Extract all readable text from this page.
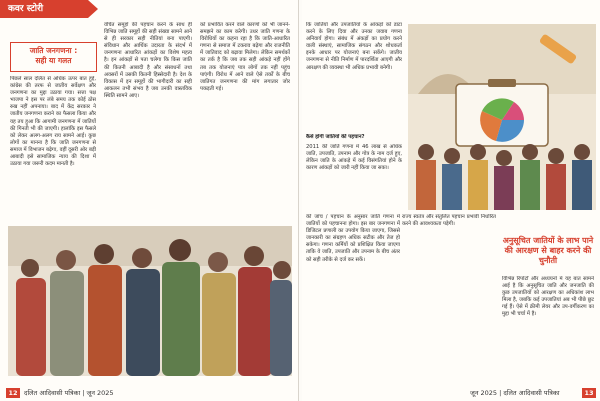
कवर स्टोरी
जाति जनगणना :
सही या गलत
पिछले साल दलित से अधिक ऊपर बात हुई, कांग्रेस की तरफ से जातीय सर्वेक्षण और जनगणना का मुद्दा उठाया गया। सत्ता पक्ष भाजपा ने इस पर लंबे समय तक कोई ठोस रुख नहीं अपनाया। बाद में केंद्र सरकार ने जातीय जनगणना कराने का फैसला किया और यह तय हुआ कि आगामी जनगणना में जातियों की गिनती भी की जाएगी। हालांकि इस फैसले को लेकर अलग-अलग राय सामने आई। कुछ लोगों का मानना है कि जाति जनगणना से समाज में विभाजन बढ़ेगा, वहीं दूसरी ओर बड़ी आबादी इसे सामाजिक न्याय की दिशा में उठाया गया जरूरी कदम मानती है।
वंचित समूहों की पहचान करने के साथ ही विभिन्न जाति समूहों की सही संख्या सामने आने से ही सरकार सही नीतियां बना पाएगी। संविधान और आर्थिक उदारता के संदर्भ में जनगणना आधारित आंकड़ों का विशेष महत्व है। इन आंकड़ों से पता चलेगा कि किस जाति की कितनी आबादी है और संसाधनों तथा अवसरों में उसकी कितनी हिस्सेदारी है। देश के विकास में इन समूहों की भागीदारी का सही आकलन तभी संभव है जब उनकी वास्तविक स्थिति सामने आए।
को प्रभावित करने वाले कारणों को भी जानने-समझने का काम करेगी। उधर जाति गणना के विरोधियों का कहना रहा है कि जाति-आधारित गणना से समाज में टकराव बढ़ेगा और राजनीति में जातिवाद को बढ़ावा मिलेगा। लेकिन समर्थकों का तर्क है कि जब तक सही आंकड़े नहीं होंगे तब तक योजनाएं पात्र लोगों तक नहीं पहुंच पाएंगी। विरोध में आने वाले ऐसे तर्कों के बीच जातिगत जनगणना की मांग लगातार जोर पकड़ती गई।
12 दलित आदिवासी पत्रिका | जून 2025
कि जातियों और उपजातियों के आंकड़ों को डाटा करने के लिए दिया और उनका जवाब गणना अनिवार्य होगा। संबंध में अंकड़ों का प्रयोग करने वाली संस्थाएं, सामाजिक संगठन और शोधकर्ता इनके आधार पर योजनाएं बना सकेंगे। जातीय जनगणना से नीति निर्माण में पारदर्शिता आएगी और आरक्षण की व्यवस्था भी अधिक प्रभावी बनेगी।
कैसे होगी जातियों की पहचान?
2011 की जाति गणना में 46 लाख से अधिक जाति, उपजाति, उपनाम और गोत्र के नाम दर्ज हुए, लेकिन जाति के आंकड़े में कई विसंगतियां होने के कारण आंकड़ों को जारी नहीं किया जा सका।
की जांच / पहचान के अनुसार जाति गणना में जातियों को पहचानना होगा। इस बार जनगणना में डिजिटल प्रणाली का उपयोग किया जाएगा, जिससे जानकारी का संग्रहण अधिक सटीक और तेज हो सकेगा। गणना कर्मियों को प्रशिक्षित किया जाएगा ताकि वे जाति, उपजाति और उपनाम के बीच अंतर को सही तरीके से दर्ज कर सकें।
राज्य स्वतंत्र और संतुलित पहचान प्रभावी निर्धारित करने की आवश्यकता पड़ेगी।
अनुसूचित जातियों के लाभ पाने की आरक्षण से बाहर करने की चुनौती
विभिन्न रिपोर्टों और अध्ययनों में यह बात सामने आई है कि अनुसूचित जाति और जनजाति की कुछ उपजातियों को आरक्षण का अधिकांश लाभ मिला है, जबकि कई उपजातियां अब भी पीछे छूट गई हैं। ऐसे में क्रीमी लेयर और उप-वर्गीकरण का मुद्दा भी चर्चा में है।
जून 2025 | दलित आदिवासी पत्रिका	13
